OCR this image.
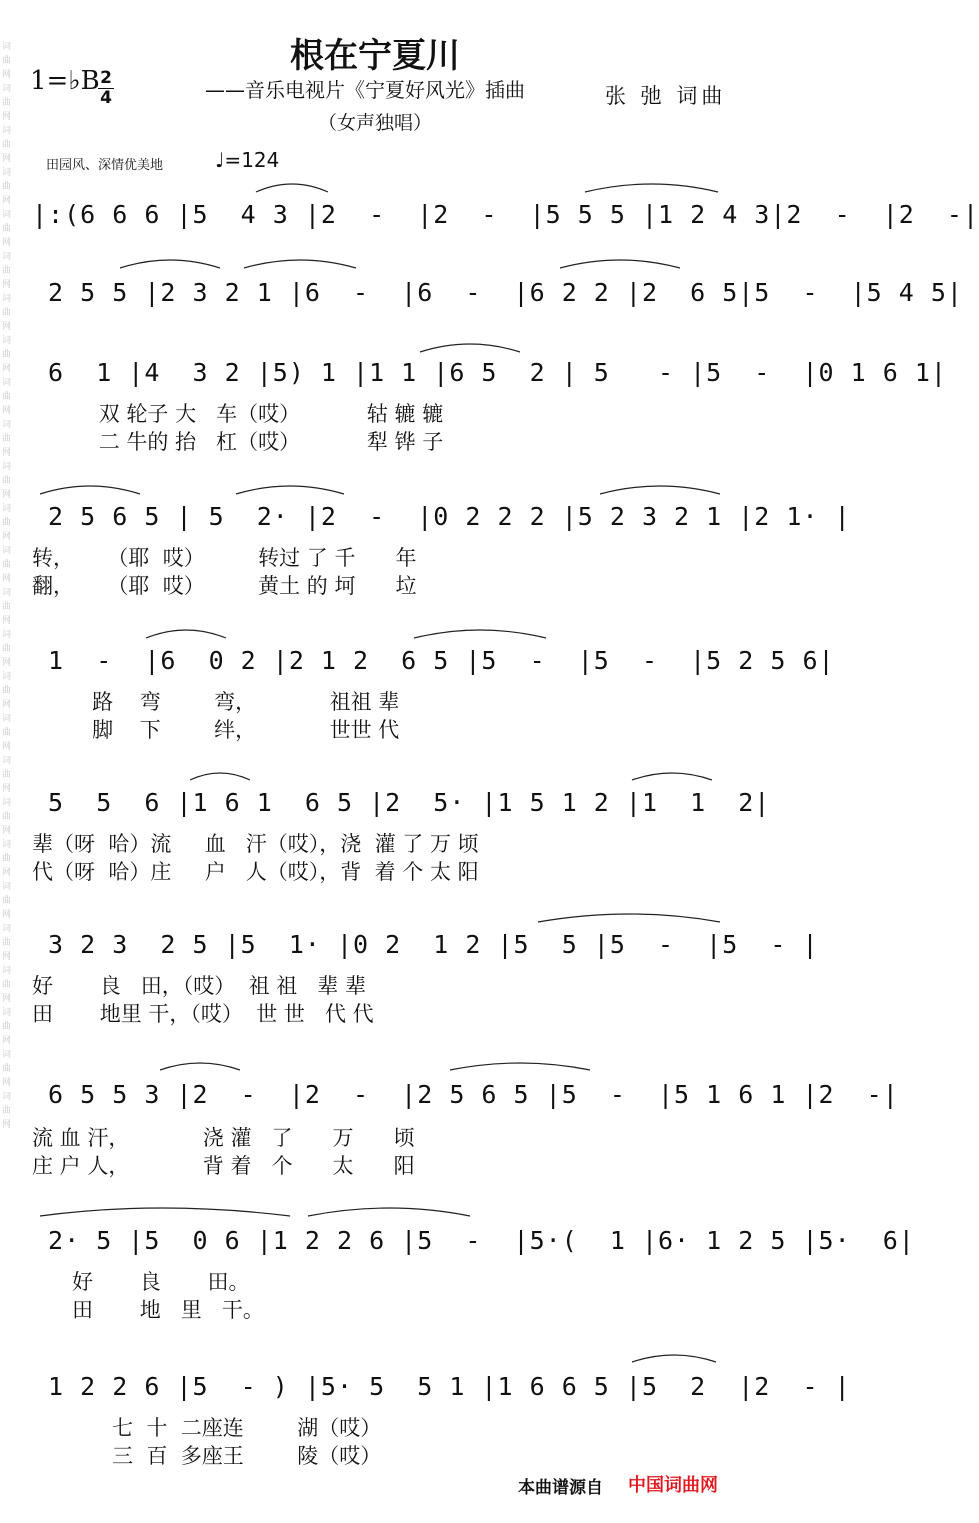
词曲网词曲网词曲网词曲网词曲网词曲网词曲网词曲网词曲网词曲网词曲网词曲网词曲网词曲网词曲网词曲网词曲网词曲网词曲网词曲网词曲网词曲网词曲网词曲网词曲网词曲网
根在宁夏川
1=♭B 2
4	——音乐电视片《宁夏好风光》插曲	张 弛 词曲
（女声独唱）
田园风、深情优美地	♩=124
|:(6 6 6 |5  4 3 |2  -  |2  -  |5 5 5 |1 2 4 3|2  -  |2  -|
2 5 5 |2 3 2 1 |6  -  |6  -  |6 2 2 |2  6 5|5  -  |5 4 5|
6  1 |4  3 2 |5) 1 |1 1 |6 5  2 | 5   - |5  -  |0 1 6 1|
双 轮子 大   车（哎）          轱 辘 辘
二 牛的 抬   杠（哎）          犁 铧 子
2 5 6 5 | 5  2· |2  -  |0 2 2 2 |5 2 3 2 1 |2 1· |
转，     （耶  哎）        转过 了 千      年
翻，     （耶  哎）        黄土 的 坷      垃
1  -  |6  0 2 |2 1 2  6 5 |5  -  |5  -  |5 2 5 6|
路    弯        弯，           祖祖 辈
脚    下        绊，           世世 代
5  5  6 |1 6 1  6 5 |2  5· |1 5 1 2 |1  1  2|
辈（呀  哈）流     血   汗（哎），浇  灌 了 万 顷
代（呀  哈）庄     户   人（哎），背  着 个 太 阳
3 2 3  2 5 |5  1· |0 2  1 2 |5  5 |5  -  |5  - |
好       良   田，（哎）  祖 祖   辈 辈
田       地里 干，（哎）  世 世   代 代
6 5 5 3 |2  -  |2  -  |2 5 6 5 |5  -  |5 1 6 1 |2  -|
流 血 汗，           浇 灌   了      万      顷
庄 户 人，           背 着   个      太      阳
2· 5 |5  0 6 |1 2 2 6 |5  -  |5·(  1 |6· 1 2 5 |5·  6|
好       良       田。
田       地   里   干。
1 2 2 6 |5  - ) |5· 5  5 1 |1 6 6 5 |5  2  |2  - |
七  十  二座连        湖（哎）
三  百  多座王        陵（哎）
本曲谱源自 中国词曲网
